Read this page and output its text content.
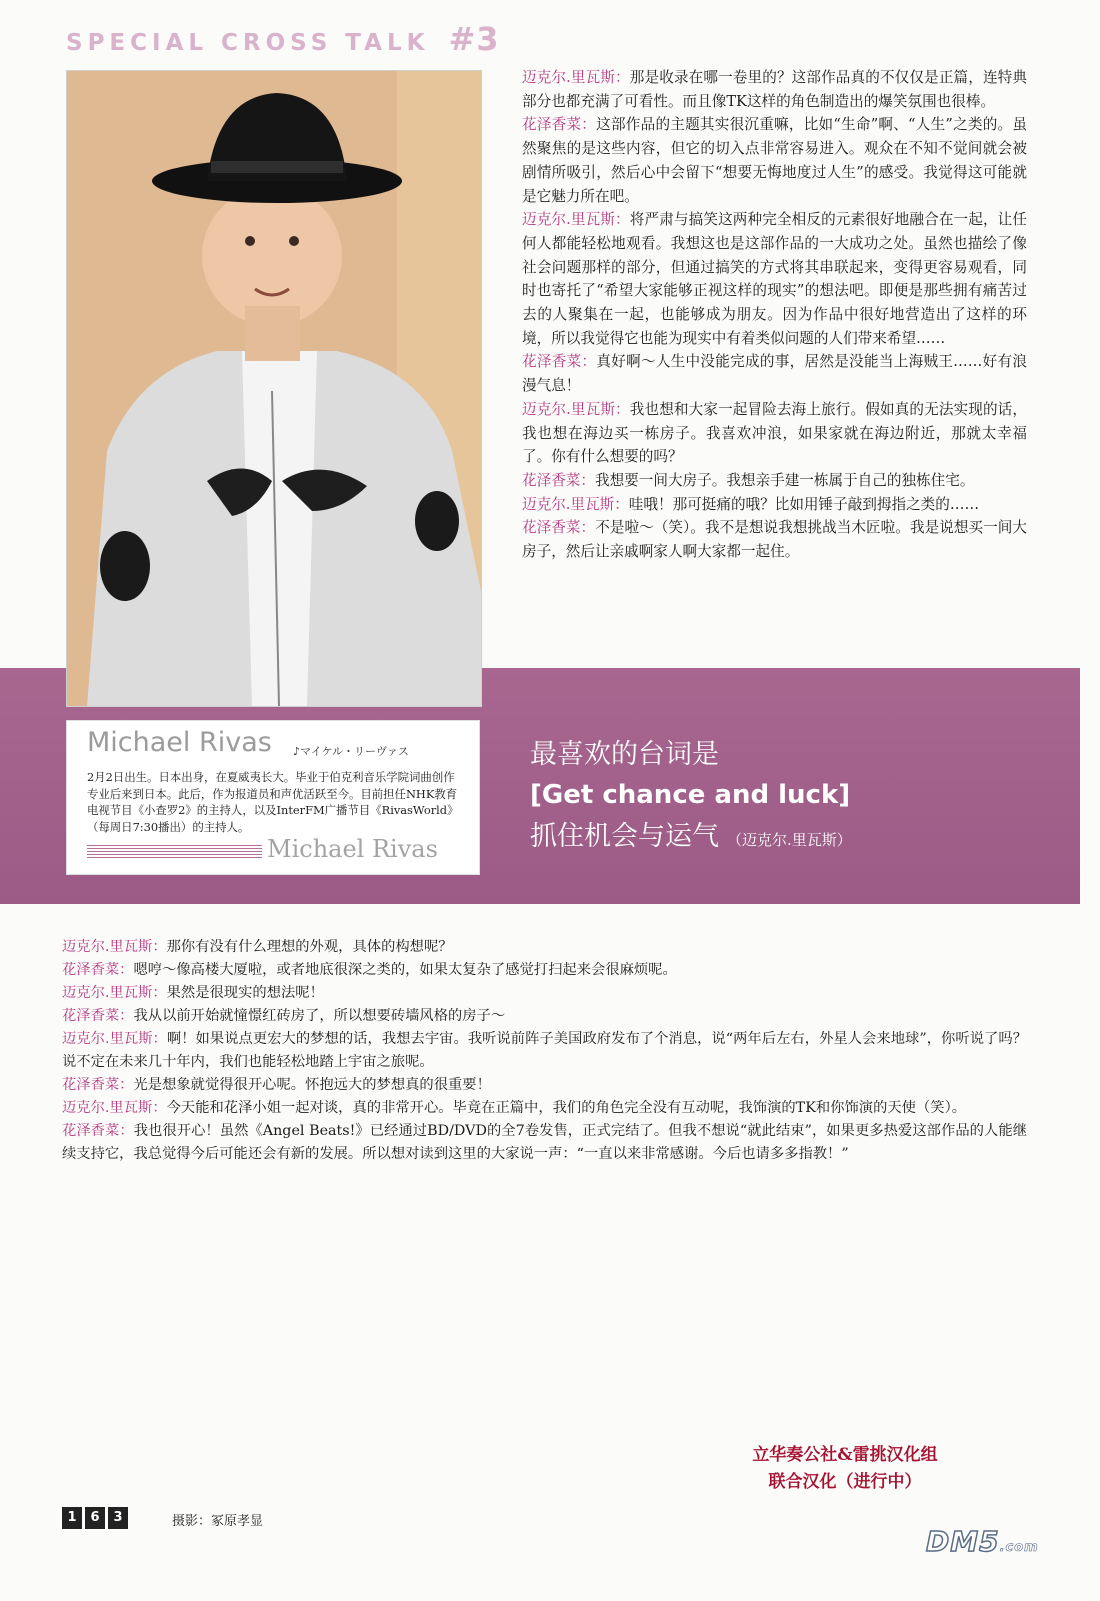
SPECIAL CROSS TALK #3
迈克尔.里瓦斯：那是收录在哪一卷里的？这部作品真的不仅仅是正篇，连特典部分也都充满了可看性。而且像TK这样的角色制造出的爆笑氛围也很棒。
花泽香菜：这部作品的主题其实很沉重嘛，比如“生命”啊、“人生”之类的。虽然聚焦的是这些内容，但它的切入点非常容易进入。观众在不知不觉间就会被剧情所吸引，然后心中会留下“想要无悔地度过人生”的感受。我觉得这可能就是它魅力所在吧。
迈克尔.里瓦斯：将严肃与搞笑这两种完全相反的元素很好地融合在一起，让任何人都能轻松地观看。我想这也是这部作品的一大成功之处。虽然也描绘了像社会问题那样的部分，但通过搞笑的方式将其串联起来，变得更容易观看，同时也寄托了“希望大家能够正视这样的现实”的想法吧。即便是那些拥有痛苦过去的人聚集在一起，也能够成为朋友。因为作品中很好地营造出了这样的环境，所以我觉得它也能为现实中有着类似问题的人们带来希望……
花泽香菜：真好啊～人生中没能完成的事，居然是没能当上海贼王……好有浪漫气息！
迈克尔.里瓦斯：我也想和大家一起冒险去海上旅行。假如真的无法实现的话，我也想在海边买一栋房子。我喜欢冲浪，如果家就在海边附近，那就太幸福了。你有什么想要的吗？
花泽香菜：我想要一间大房子。我想亲手建一栋属于自己的独栋住宅。
迈克尔.里瓦斯：哇哦！那可挺痛的哦？比如用锤子敲到拇指之类的……
花泽香菜：不是啦～（笑）。我不是想说我想挑战当木匠啦。我是说想买一间大房子，然后让亲戚啊家人啊大家都一起住。
Michael Rivas ♪マイケル・リーヴァス
2月2日出生。日本出身，在夏威夷长大。毕业于伯克利音乐学院词曲创作专业后来到日本。此后，作为报道员和声优活跃至今。目前担任NHK教育电视节目《小查罗2》的主持人，以及InterFM广播节目《RivasWorld》（每周日7:30播出）的主持人。
Michael Rivas
最喜欢的台词是
[Get chance and luck]
抓住机会与运气 （迈克尔.里瓦斯）
迈克尔.里瓦斯：那你有没有什么理想的外观，具体的构想呢？
花泽香菜：嗯哼～像高楼大厦啦，或者地底很深之类的，如果太复杂了感觉打扫起来会很麻烦呢。
迈克尔.里瓦斯：果然是很现实的想法呢！
花泽香菜：我从以前开始就憧憬红砖房了，所以想要砖墙风格的房子～
迈克尔.里瓦斯：啊！如果说点更宏大的梦想的话，我想去宇宙。我听说前阵子美国政府发布了个消息，说“两年后左右，外星人会来地球”，你听说了吗？说不定在未来几十年内，我们也能轻松地踏上宇宙之旅呢。
花泽香菜：光是想象就觉得很开心呢。怀抱远大的梦想真的很重要！
迈克尔.里瓦斯：今天能和花泽小姐一起对谈，真的非常开心。毕竟在正篇中，我们的角色完全没有互动呢，我饰演的TK和你饰演的天使（笑）。
花泽香菜：我也很开心！虽然《Angel Beats!》已经通过BD/DVD的全7卷发售，正式完结了。但我不想说“就此结束”，如果更多热爱这部作品的人能继续支持它，我总觉得今后可能还会有新的发展。所以想对读到这里的大家说一声：“一直以来非常感谢。今后也请多多指教！”
立华奏公社&雷挑汉化组
联合汉化（进行中）
1	6	3	摄影：冢原孝显
DM5.com
